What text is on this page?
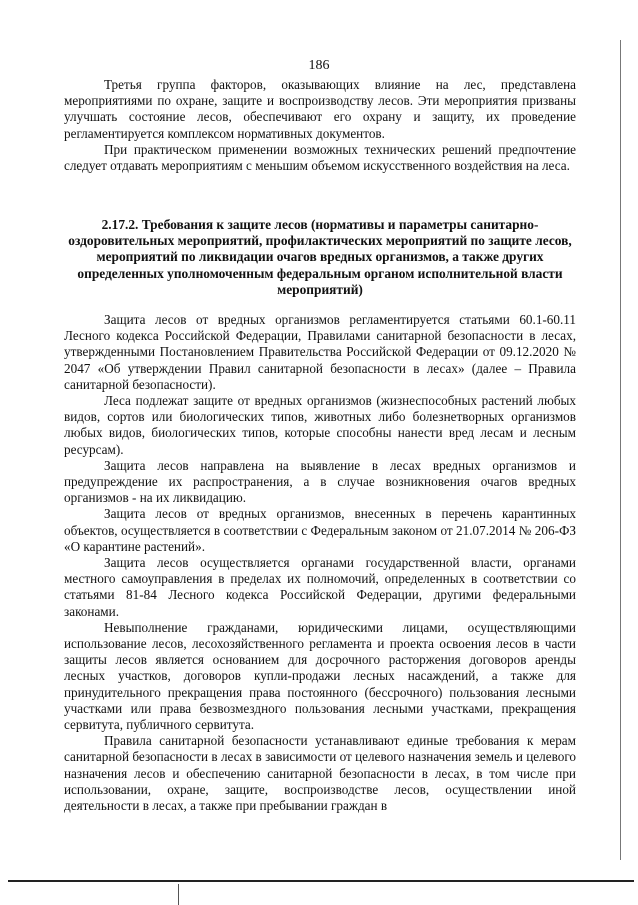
186

Третья группа факторов, оказывающих влияние на лес, представлена мероприятиями по охране, защите и воспроизводству лесов. Эти мероприятия призваны улучшать состояние лесов, обеспечивают его охрану и защиту, их проведение регламентируется комплексом нормативных документов.

При практическом применении возможных технических решений предпочтение следует отдавать мероприятиям с меньшим объемом искусственного воздействия на леса.

2.17.2. Требования к защите лесов (нормативы и параметры санитарно-оздоровительных мероприятий, профилактических мероприятий по защите лесов, мероприятий по ликвидации очагов вредных организмов, а также других определенных уполномоченным федеральным органом исполнительной власти мероприятий)

Защита лесов от вредных организмов регламентируется статьями 60.1-60.11 Лесного кодекса Российской Федерации, Правилами санитарной безопасности в лесах, утвержденными Постановлением Правительства Российской Федерации от 09.12.2020 № 2047 «Об утверждении Правил санитарной безопасности в лесах» (далее – Правила санитарной безопасности).

Леса подлежат защите от вредных организмов (жизнеспособных растений любых видов, сортов или биологических типов, животных либо болезнетворных организмов любых видов, биологических типов, которые способны нанести вред лесам и лесным ресурсам).

Защита лесов направлена на выявление в лесах вредных организмов и предупреждение их распространения, а в случае возникновения очагов вредных организмов - на их ликвидацию.

Защита лесов от вредных организмов, внесенных в перечень карантинных объектов, осуществляется в соответствии с Федеральным законом от 21.07.2014 № 206-ФЗ «О карантине растений».

Защита лесов осуществляется органами государственной власти, органами местного самоуправления в пределах их полномочий, определенных в соответствии со статьями 81-84 Лесного кодекса Российской Федерации, другими федеральными законами.

Невыполнение гражданами, юридическими лицами, осуществляющими использование лесов, лесохозяйственного регламента и проекта освоения лесов в части защиты лесов является основанием для досрочного расторжения договоров аренды лесных участков, договоров купли-продажи лесных насаждений, а также для принудительного прекращения права постоянного (бессрочного) пользования лесными участками или права безвозмездного пользования лесными участками, прекращения сервитута, публичного сервитута.

Правила санитарной безопасности устанавливают единые требования к мерам санитарной безопасности в лесах в зависимости от целевого назначения земель и целевого назначения лесов и обеспечению санитарной безопасности в лесах, в том числе при использовании, охране, защите, воспроизводстве лесов, осуществлении иной деятельности в лесах, а также при пребывании граждан в
